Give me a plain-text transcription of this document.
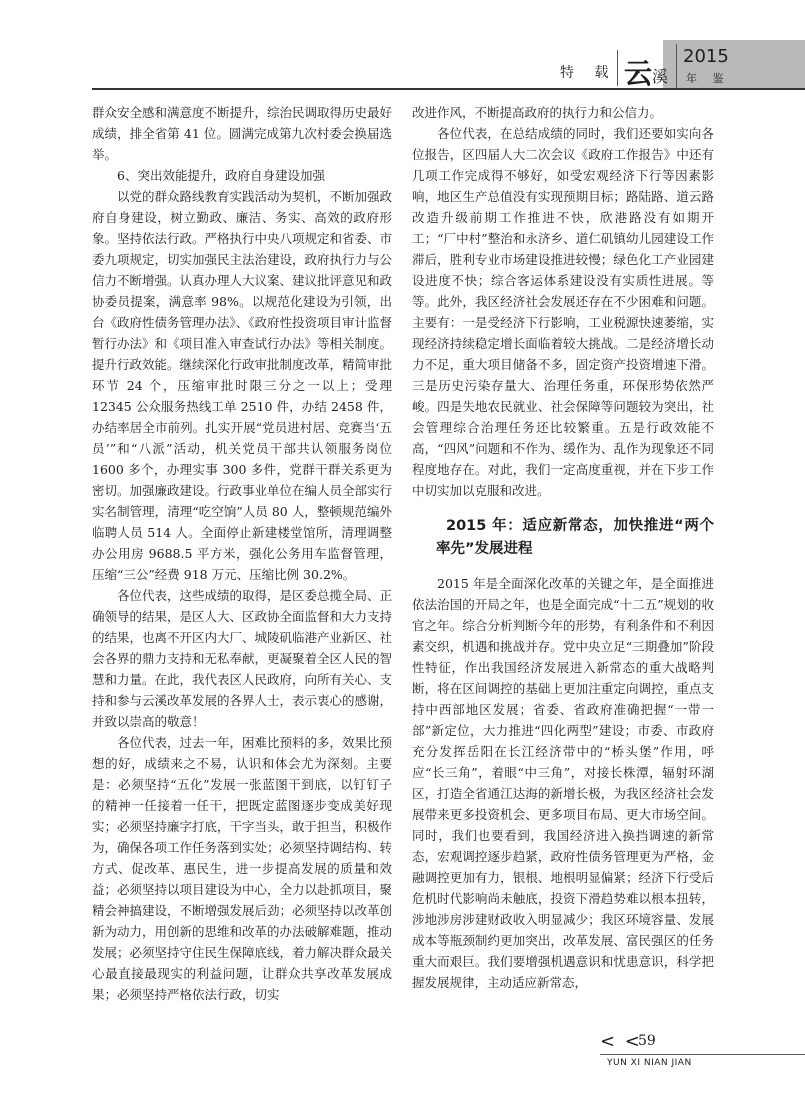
特 载 云 溪
2015
年 鉴

群众安全感和满意度不断提升，综治民调取得历史最好成绩，排全省第 41 位。圆满完成第九次村委会换届选举。

6、突出效能提升，政府自身建设加强

以党的群众路线教育实践活动为契机，不断加强政府自身建设，树立勤政、廉洁、务实、高效的政府形象。坚持依法行政。严格执行中央八项规定和省委、市委九项规定，切实加强民主法治建设，政府执行力与公信力不断增强。认真办理人大议案、建议批评意见和政协委员提案，满意率 98%。以规范化建设为引领，出台《政府性债务管理办法》、《政府性投资项目审计监督暂行办法》和《项目准入审查试行办法》等相关制度。提升行政效能。继续深化行政审批制度改革，精简审批环节 24 个，压缩审批时限三分之一以上；受理 12345 公众服务热线工单 2510 件，办结 2458 件，办结率居全市前列。扎实开展“党员进村居、竞赛当‘五员’”和“八派”活动，机关党员干部共认领服务岗位 1600 多个，办理实事 300 多件，党群干群关系更为密切。加强廉政建设。行政事业单位在编人员全部实行实名制管理，清理“吃空饷”人员 80 人，整顿规范编外临聘人员 514 人。全面停止新建楼堂馆所，清理调整办公用房 9688.5 平方米，强化公务用车监督管理，压缩“三公”经费 918 万元、压缩比例 30.2%。

各位代表，这些成绩的取得，是区委总揽全局、正确领导的结果，是区人大、区政协全面监督和大力支持的结果，也离不开区内大厂、城陵矶临港产业新区、社会各界的鼎力支持和无私奉献，更凝聚着全区人民的智慧和力量。在此，我代表区人民政府，向所有关心、支持和参与云溪改革发展的各界人士，表示衷心的感谢，并致以崇高的敬意！

各位代表，过去一年，困难比预料的多，效果比预想的好，成绩来之不易，认识和体会尤为深刻。主要是：必须坚持“五化”发展一张蓝图干到底，以钉钉子的精神一任接着一任干，把既定蓝图逐步变成美好现实；必须坚持廉字打底，干字当头，敢于担当，积极作为，确保各项工作任务落到实处；必须坚持调结构、转方式、促改革、惠民生，进一步提高发展的质量和效益；必须坚持以项目建设为中心，全力以赴抓项目，聚精会神搞建设，不断增强发展后劲；必须坚持以改革创新为动力，用创新的思维和改革的办法破解难题，推动发展；必须坚持守住民生保障底线，着力解决群众最关心最直接最现实的利益问题，让群众共享改革发展成果；必须坚持严格依法行政，切实

改进作风，不断提高政府的执行力和公信力。

各位代表，在总结成绩的同时，我们还要如实向各位报告，区四届人大二次会议《政府工作报告》中还有几项工作完成得不够好，如受宏观经济下行等因素影响，地区生产总值没有实现预期目标；路陆路、道云路改造升级前期工作推进不快，欣港路没有如期开工；“厂中村”整治和永济乡、道仁矶镇幼儿园建设工作滞后，胜利专业市场建设推进较慢；绿色化工产业园建设进度不快；综合客运体系建设没有实质性进展。等等。此外，我区经济社会发展还存在不少困难和问题。主要有：一是受经济下行影响，工业税源快速萎缩，实现经济持续稳定增长面临着较大挑战。二是经济增长动力不足，重大项目储备不多，固定资产投资增速下滑。三是历史污染存量大、治理任务重，环保形势依然严峻。四是失地农民就业、社会保障等问题较为突出，社会管理综合治理任务还比较繁重。五是行政效能不高，“四风”问题和不作为、缓作为、乱作为现象还不同程度地存在。对此，我们一定高度重视，并在下步工作中切实加以克服和改进。

2015 年：适应新常态，加快推进“两个率先”发展进程

2015 年是全面深化改革的关键之年，是全面推进依法治国的开局之年，也是全面完成“十二五”规划的收官之年。综合分析判断今年的形势，有利条件和不利因素交织，机遇和挑战并存。党中央立足“三期叠加”阶段性特征，作出我国经济发展进入新常态的重大战略判断，将在区间调控的基础上更加注重定向调控，重点支持中西部地区发展；省委、省政府准确把握“一带一部”新定位，大力推进“四化两型”建设；市委、市政府充分发挥岳阳在长江经济带中的“桥头堡”作用，呼应“长三角”，着眼“中三角”，对接长株潭，辐射环湖区，打造全省通江达海的新增长极，为我区经济社会发展带来更多投资机会、更多项目布局、更大市场空间。同时，我们也要看到，我国经济进入换挡调速的新常态，宏观调控逐步趋紧，政府性债务管理更为严格，金融调控更加有力，银根、地根明显偏紧；经济下行受后危机时代影响尚未触底，投资下滑趋势难以根本扭转，涉地涉房涉建财政收入明显减少；我区环境容量、发展成本等瓶颈制约更加突出，改革发展、富民强区的任务重大而艰巨。我们要增强机遇意识和忧患意识，科学把握发展规律，主动适应新常态，

< <
59
YUN XI NIAN JIAN
